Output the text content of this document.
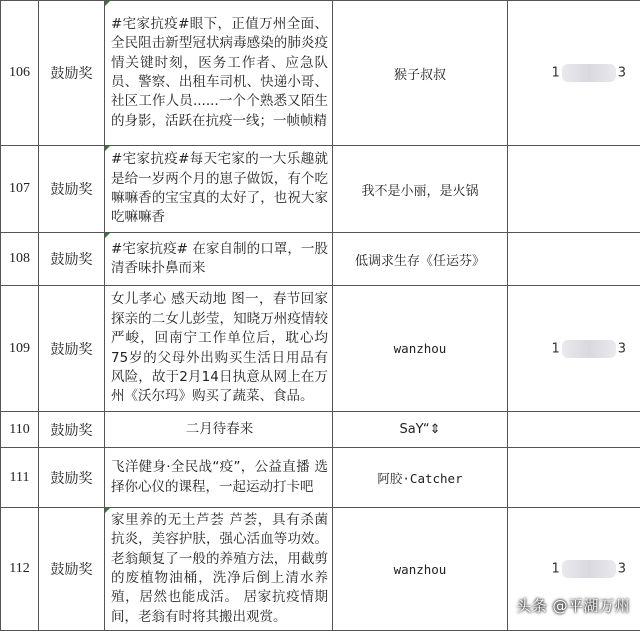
106	鼓励奖	#宅家抗疫#眼下，正值万州全面、全民阻击新型冠状病毒感染的肺炎疫情关键时刻，医务工作者、应急队员、警察、出租车司机、快递小哥、社区工作人员......一个个熟悉又陌生的身影，活跃在抗疫一线；一帧帧精	猴子叔叔	1 3
107	鼓励奖	#宅家抗疫#每天宅家的一大乐趣就是给一岁两个月的崽子做饭，有个吃嘛嘛香的宝宝真的太好了，也祝大家吃嘛嘛香	我不是小丽，是火锅	
108	鼓励奖	#宅家抗疫# 在家自制的口罩，一股清香味扑鼻而来	低调求生存《任运芬》	
109	鼓励奖	女儿孝心 感天动地 图一，春节回家探亲的二女儿彭莹，知晓万州疫情较严峻，回南宁工作单位后，耽心均75岁的父母外出购买生活日用品有风险，故于2月14日执意从网上在万州《沃尔玛》购买了蔬菜、食品。	wanzhou	1 3
110	鼓励奖	二月待春来	SaY“⇕	
111	鼓励奖	飞洋健身·全民战“疫”，公益直播 选择你心仪的课程，一起运动打卡吧	阿胶·Catcher	
112	鼓励奖	家里养的无土芦荟 芦荟，具有杀菌抗炎，美容护肤，强心活血等功效。老翁颠复了一般的养殖方法，用截剪的废植物油桶，洗净后倒上清水养殖，居然也能成活。 居家抗疫情期间，老翁有时将其搬出观赏。	wanzhou	1 3
头条 @平湖万州
